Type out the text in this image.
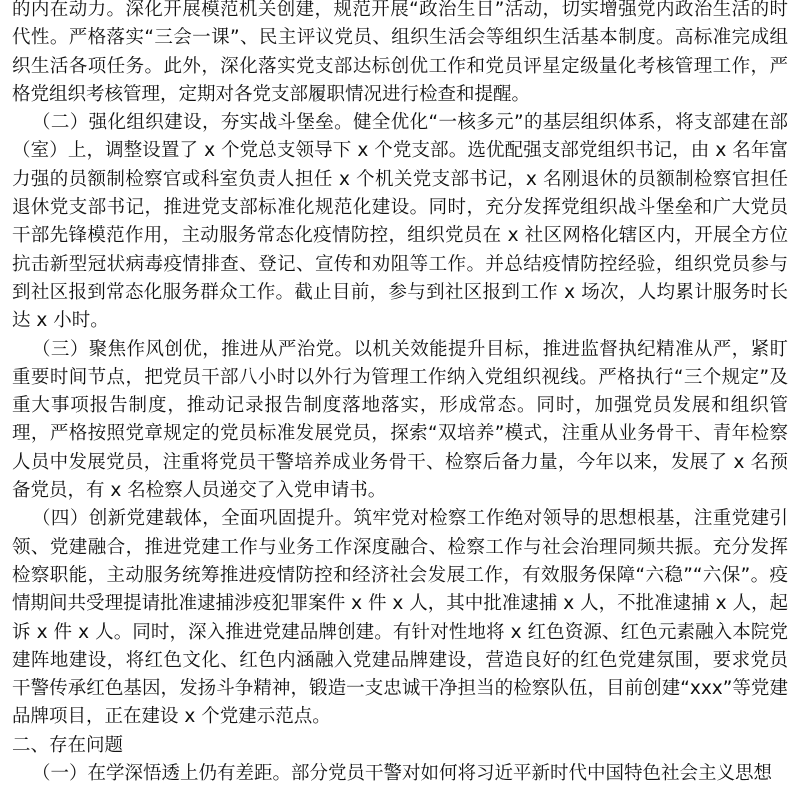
的内在动力。深化开展模范机关创建，规范开展“政治生日”活动，切实增强党内政治生活的时代性。严格落实“三会一课”、民主评议党员、组织生活会等组织生活基本制度。高标准完成组织生活各项任务。此外，深化落实党支部达标创优工作和党员评星定级量化考核管理工作，严格党组织考核管理，定期对各党支部履职情况进行检查和提醒。

（二）强化组织建设，夯实战斗堡垒。健全优化“一核多元”的基层组织体系，将支部建在部（室）上，调整设置了 x 个党总支领导下 x 个党支部。选优配强支部党组织书记，由 x 名年富力强的员额制检察官或科室负责人担任 x 个机关党支部书记，x 名刚退休的员额制检察官担任退休党支部书记，推进党支部标准化规范化建设。同时，充分发挥党组织战斗堡垒和广大党员干部先锋模范作用，主动服务常态化疫情防控，组织党员在 x 社区网格化辖区内，开展全方位抗击新型冠状病毒疫情排查、登记、宣传和劝阻等工作。并总结疫情防控经验，组织党员参与到社区报到常态化服务群众工作。截止目前，参与到社区报到工作 x 场次，人均累计服务时长达 x 小时。

（三）聚焦作风创优，推进从严治党。以机关效能提升目标，推进监督执纪精准从严，紧盯重要时间节点，把党员干部八小时以外行为管理工作纳入党组织视线。严格执行“三个规定”及重大事项报告制度，推动记录报告制度落地落实，形成常态。同时，加强党员发展和组织管理，严格按照党章规定的党员标准发展党员，探索“双培养”模式，注重从业务骨干、青年检察人员中发展党员，注重将党员干警培养成业务骨干、检察后备力量，今年以来，发展了 x 名预备党员，有 x 名检察人员递交了入党申请书。

（四）创新党建载体，全面巩固提升。筑牢党对检察工作绝对领导的思想根基，注重党建引领、党建融合，推进党建工作与业务工作深度融合、检察工作与社会治理同频共振。充分发挥检察职能，主动服务统筹推进疫情防控和经济社会发展工作，有效服务保障“六稳”“六保”。疫情期间共受理提请批准逮捕涉疫犯罪案件 x 件 x 人，其中批准逮捕 x 人，不批准逮捕 x 人，起诉 x 件 x 人。同时，深入推进党建品牌创建。有针对性地将 x 红色资源、红色元素融入本院党建阵地建设，将红色文化、红色内涵融入党建品牌建设，营造良好的红色党建氛围，要求党员干警传承红色基因，发扬斗争精神，锻造一支忠诚干净担当的检察队伍，目前创建“xxx”等党建品牌项目，正在建设 x 个党建示范点。

二、存在问题

（一）在学深悟透上仍有差距。部分党员干警对如何将习近平新时代中国特色社会主义思想
